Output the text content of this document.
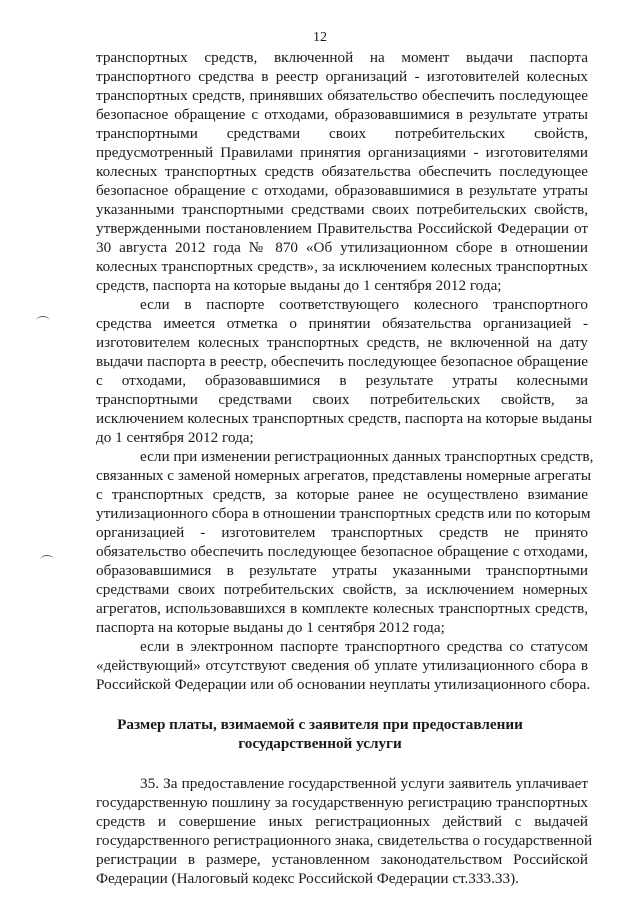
12
транспортных средств, включенной на момент выдачи паспорта
транспортного средства в реестр организаций - изготовителей колесных
транспортных средств, принявших обязательство обеспечить последующее
безопасное обращение с отходами, образовавшимися в результате утраты
транспортными средствами своих потребительских свойств,
предусмотренный Правилами принятия организациями - изготовителями
колесных транспортных средств обязательства обеспечить последующее
безопасное обращение с отходами, образовавшимися в результате утраты
указанными транспортными средствами своих потребительских свойств,
утвержденными постановлением Правительства Российской Федерации от
30 августа 2012 года № 870 «Об утилизационном сборе в отношении
колесных транспортных средств», за исключением колесных транспортных
средств, паспорта на которые выданы до 1 сентября 2012 года;
если в паспорте соответствующего колесного транспортного
средства имеется отметка о принятии обязательства организацией -
изготовителем колесных транспортных средств, не включенной на дату
выдачи паспорта в реестр, обеспечить последующее безопасное обращение
с отходами, образовавшимися в результате утраты колесными
транспортными средствами своих потребительских свойств, за
исключением колесных транспортных средств, паспорта на которые выданы
до 1 сентября 2012 года;
если при изменении регистрационных данных транспортных средств,
связанных с заменой номерных агрегатов, представлены номерные агрегаты
с транспортных средств, за которые ранее не осуществлено взимание
утилизационного сбора в отношении транспортных средств или по которым
организацией - изготовителем транспортных средств не принято
обязательство обеспечить последующее безопасное обращение с отходами,
образовавшимися в результате утраты указанными транспортными
средствами своих потребительских свойств, за исключением номерных
агрегатов, использовавшихся в комплекте колесных транспортных средств,
паспорта на которые выданы до 1 сентября 2012 года;
если в электронном паспорте транспортного средства со статусом
«действующий» отсутствуют сведения об уплате утилизационного сбора в
Российской Федерации или об основании неуплаты утилизационного сбора.
Размер платы, взимаемой с заявителя при предоставлении
государственной услуги
35. За предоставление государственной услуги заявитель уплачивает
государственную пошлину за государственную регистрацию транспортных
средств и совершение иных регистрационных действий с выдачей
государственного регистрационного знака, свидетельства о государственной
регистрации в размере, установленном законодательством Российской
Федерации (Налоговый кодекс Российской Федерации ст.333.33).
